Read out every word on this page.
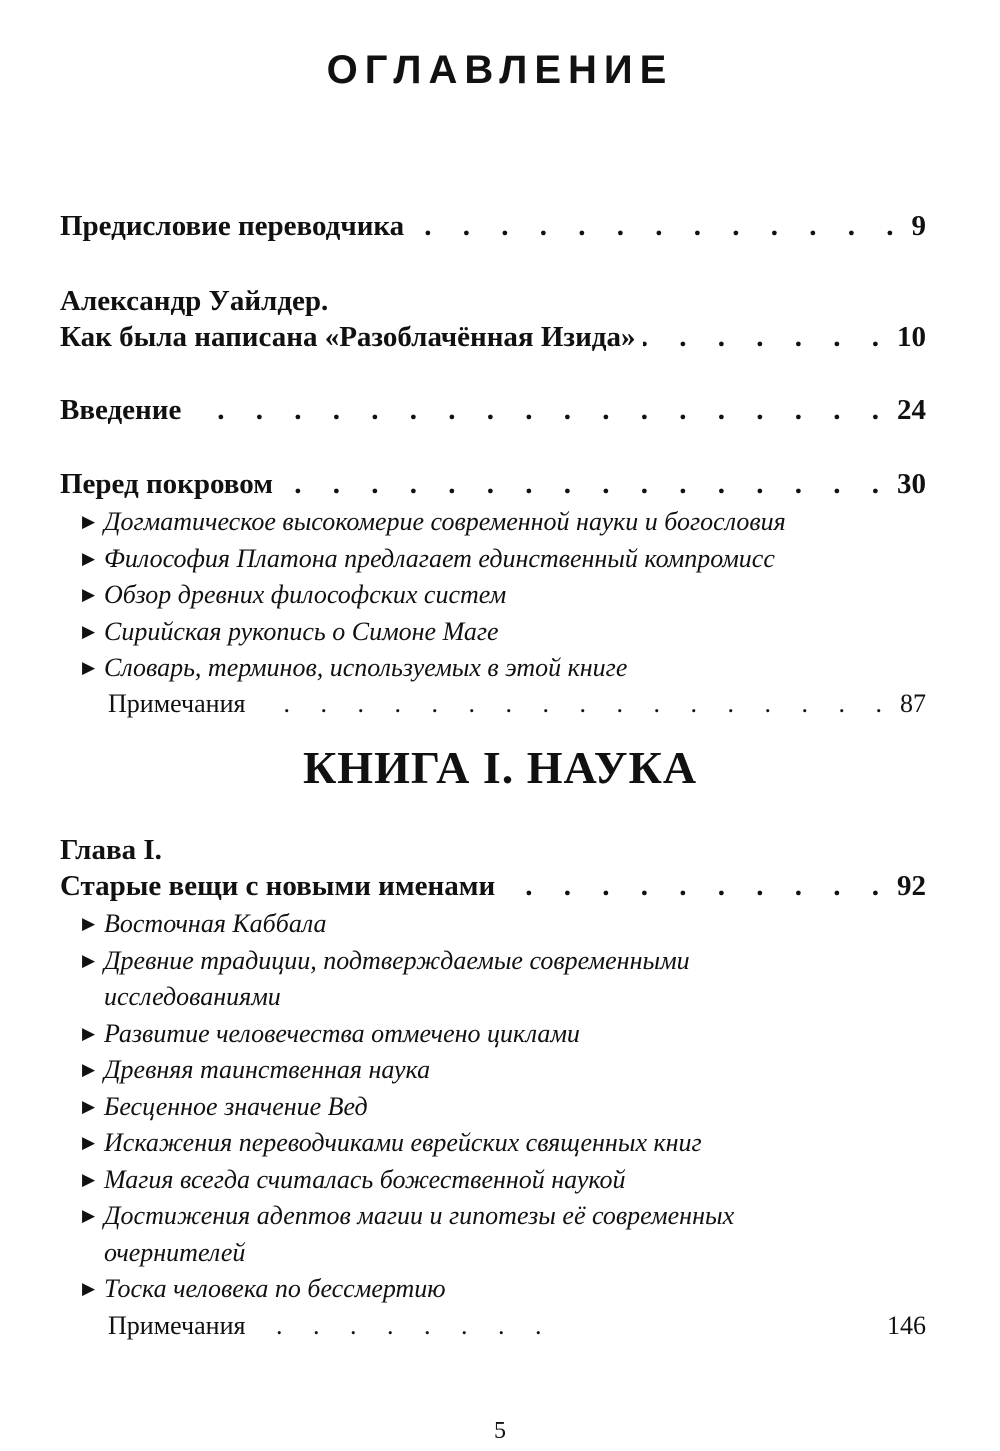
ОГЛАВЛЕНИЕ
Предисловие переводчика . . .	9
Александр Уайлдер.
Как была написана «Разоблачённая Изида» . . .	10
Введение . . .	24
Перед покровом . . .	30
▶ Догматическое высокомерие современной науки и богословия
▶ Философия Платона предлагает единственный компромисс
▶ Обзор древних философских систем
▶ Сирийская рукопись о Симоне Маге
▶ Словарь, терминов, используемых в этой книге
Примечания . . .	87
КНИГА I. НАУКА
Глава I.
Старые вещи с новыми именами . . .	92
▶ Восточная Каббала
▶ Древние традиции, подтверждаемые современными
исследованиями
▶ Развитие человечества отмечено циклами
▶ Древняя таинственная наука
▶ Бесценное значение Вед
▶ Искажения переводчиками еврейских священных книг
▶ Магия всегда считалась божественной наукой
▶ Достижения адептов магии и гипотезы её современных
очернителей
▶ Тоска человека по бессмертию
Примечания . . .	146
5
